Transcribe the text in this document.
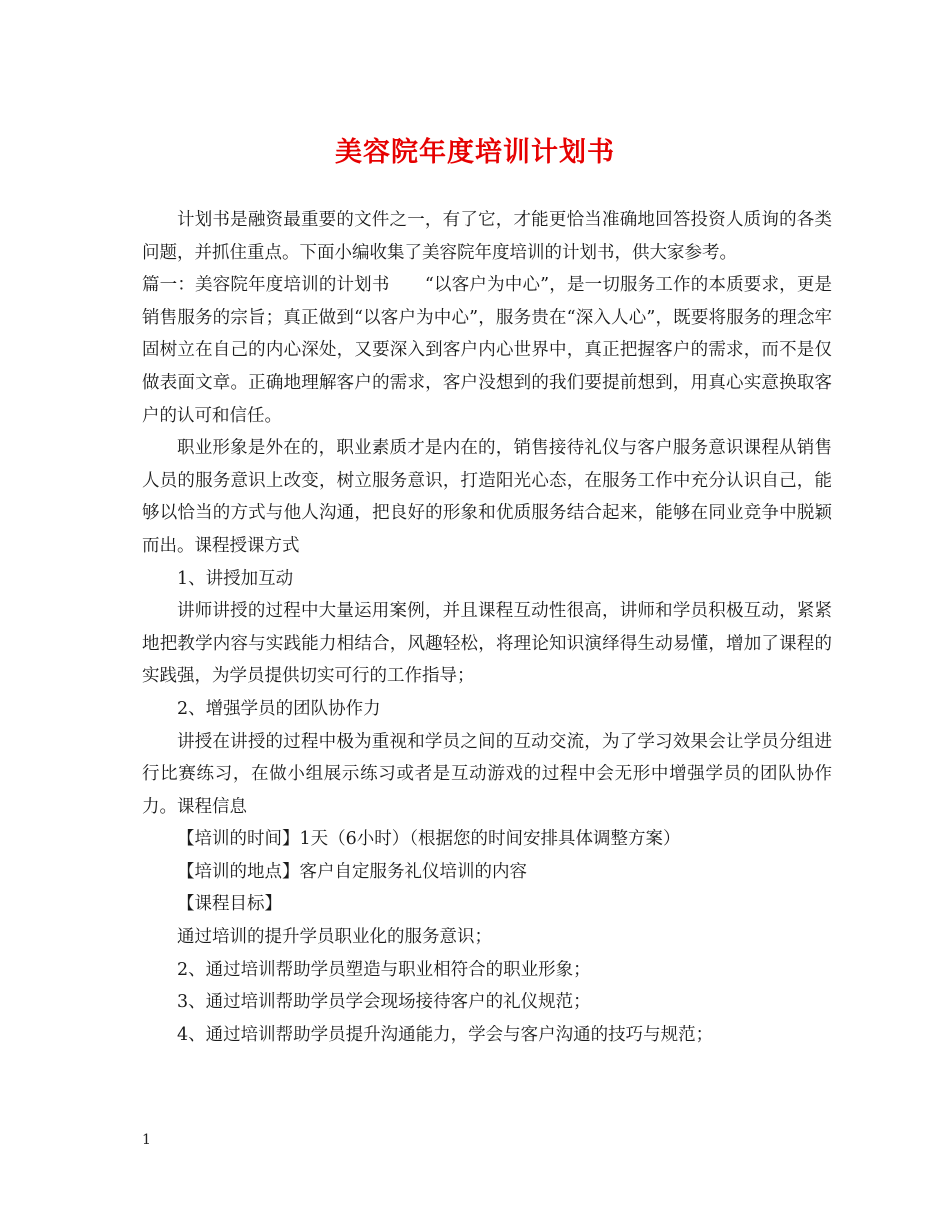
美容院年度培训计划书

计划书是融资最重要的文件之一，有了它，才能更恰当准确地回答投资人质询的各类问题，并抓住重点。下面小编收集了美容院年度培训的计划书，供大家参考。

篇一：美容院年度培训的计划书　　“以客户为中心”，是一切服务工作的本质要求，更是销售服务的宗旨；真正做到“以客户为中心”，服务贵在“深入人心”，既要将服务的理念牢固树立在自己的内心深处，又要深入到客户内心世界中，真正把握客户的需求，而不是仅做表面文章。正确地理解客户的需求，客户没想到的我们要提前想到，用真心实意换取客户的认可和信任。

职业形象是外在的，职业素质才是内在的，销售接待礼仪与客户服务意识课程从销售人员的服务意识上改变，树立服务意识，打造阳光心态，在服务工作中充分认识自己，能够以恰当的方式与他人沟通，把良好的形象和优质服务结合起来，能够在同业竞争中脱颖而出。课程授课方式

1、讲授加互动

讲师讲授的过程中大量运用案例，并且课程互动性很高，讲师和学员积极互动，紧紧地把教学内容与实践能力相结合，风趣轻松，将理论知识演绎得生动易懂，增加了课程的实践强，为学员提供切实可行的工作指导；

2、增强学员的团队协作力

讲授在讲授的过程中极为重视和学员之间的互动交流，为了学习效果会让学员分组进行比赛练习，在做小组展示练习或者是互动游戏的过程中会无形中增强学员的团队协作力。课程信息

【培训的时间】1天（6小时）（根据您的时间安排具体调整方案）

【培训的地点】客户自定服务礼仪培训的内容

【课程目标】

通过培训的提升学员职业化的服务意识；

2、通过培训帮助学员塑造与职业相符合的职业形象；

3、通过培训帮助学员学会现场接待客户的礼仪规范；

4、通过培训帮助学员提升沟通能力，学会与客户沟通的技巧与规范；

1
